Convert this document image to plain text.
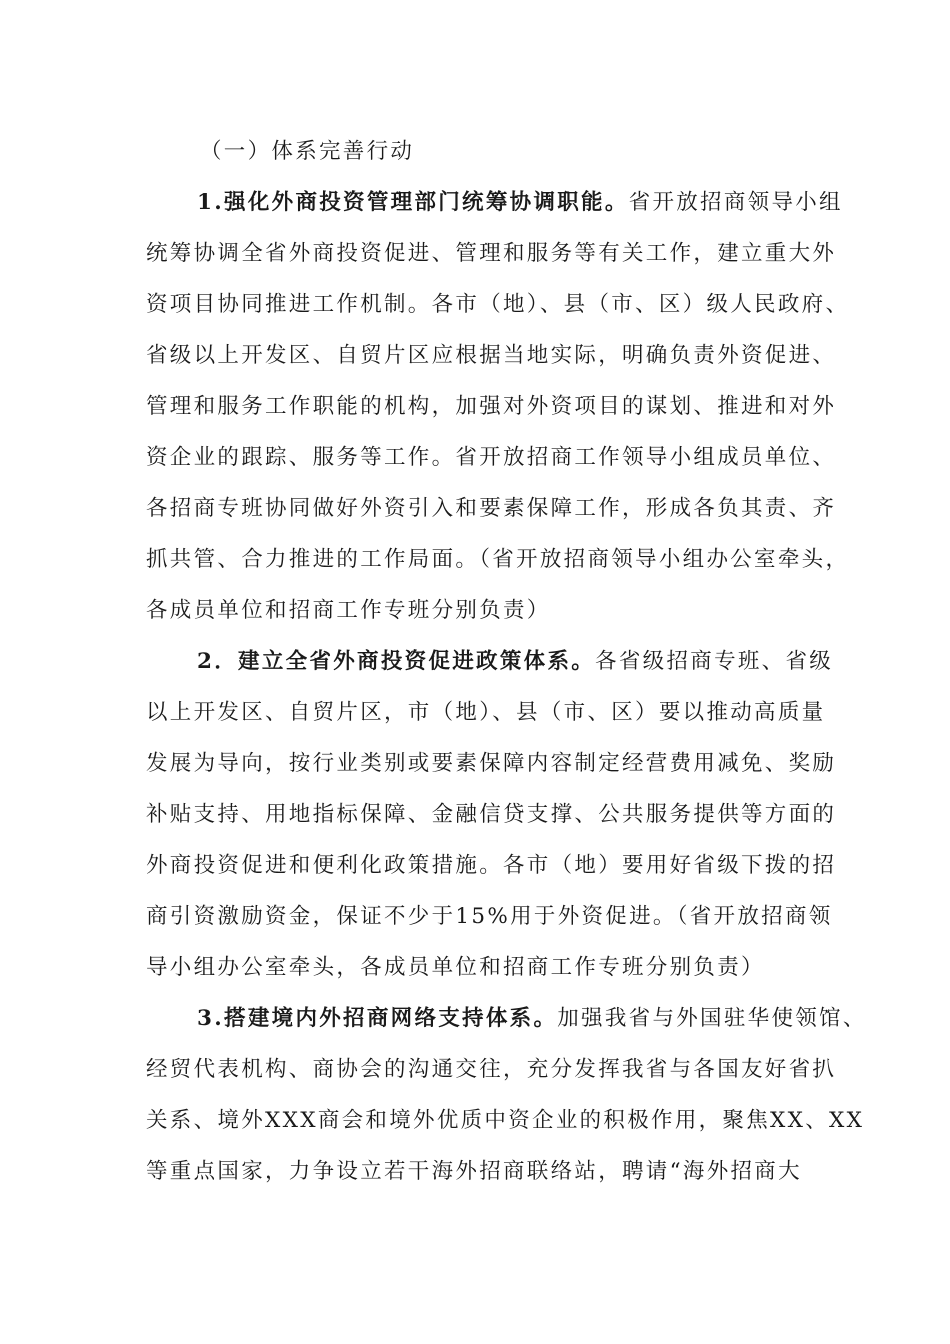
（一）体系完善行动
1.强化外商投资管理部门统筹协调职能。省开放招商领导小组
统筹协调全省外商投资促进、管理和服务等有关工作，建立重大外
资项目协同推进工作机制。各市（地）、县（市、区）级人民政府、
省级以上开发区、自贸片区应根据当地实际，明确负责外资促进、
管理和服务工作职能的机构，加强对外资项目的谋划、推进和对外
资企业的跟踪、服务等工作。省开放招商工作领导小组成员单位、
各招商专班协同做好外资引入和要素保障工作，形成各负其责、齐
抓共管、合力推进的工作局面。（省开放招商领导小组办公室牵头，
各成员单位和招商工作专班分别负责）
2．建立全省外商投资促进政策体系。各省级招商专班、省级
以上开发区、自贸片区，市（地）、县（市、区）要以推动高质量
发展为导向，按行业类别或要素保障内容制定经营费用减免、奖励
补贴支持、用地指标保障、金融信贷支撑、公共服务提供等方面的
外商投资促进和便利化政策措施。各市（地）要用好省级下拨的招
商引资激励资金，保证不少于15%用于外资促进。（省开放招商领
导小组办公室牵头，各成员单位和招商工作专班分别负责）
3.搭建境内外招商网络支持体系。加强我省与外国驻华使领馆、
经贸代表机构、商协会的沟通交往，充分发挥我省与各国友好省扒
关系、境外XXX商会和境外优质中资企业的积极作用，聚焦XX、XX
等重点国家，力争设立若干海外招商联络站，聘请“海外招商大
